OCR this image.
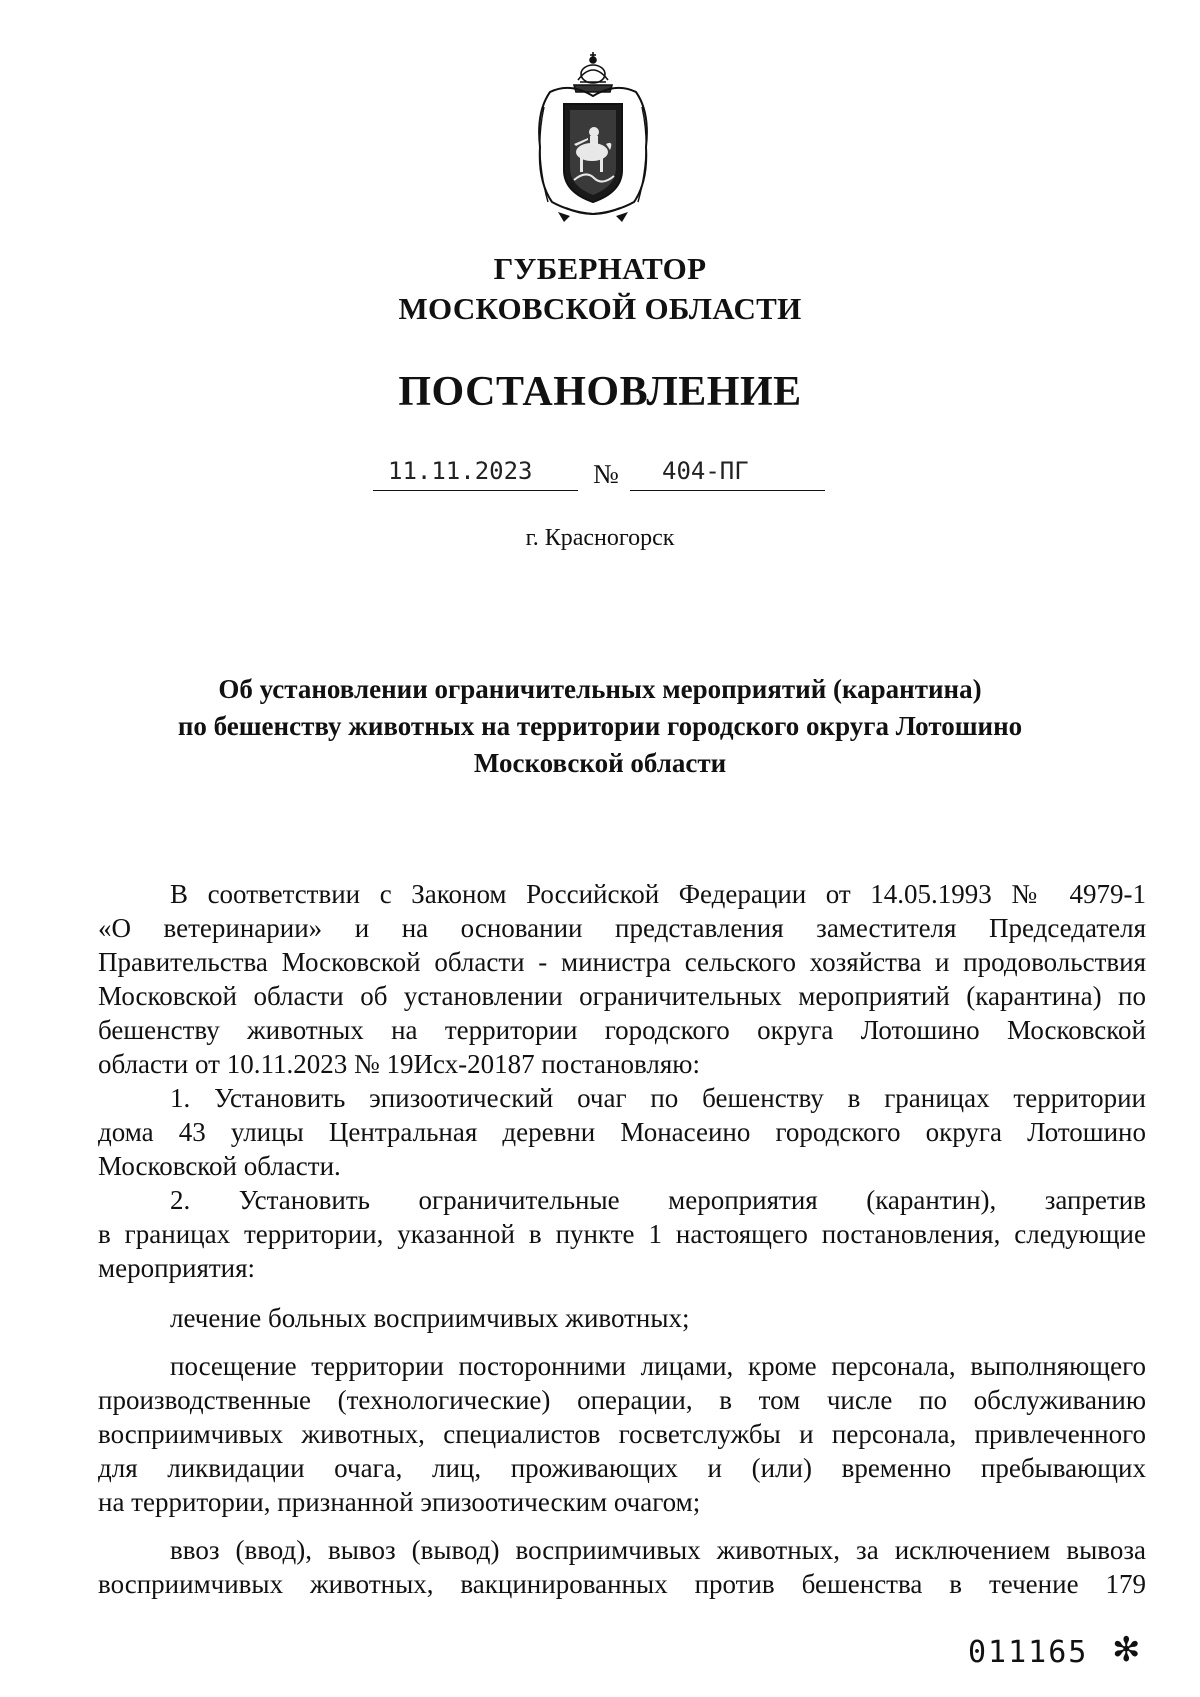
ГУБЕРНАТОР
МОСКОВСКОЙ ОБЛАСТИ
ПОСТАНОВЛЕНИЕ
11.11.2023 № 404-ПГ
г. Красногорск
Об установлении ограничительных мероприятий (карантина)
по бешенству животных на территории городского округа Лотошино
Московской области
В соответствии с Законом Российской Федерации от 14.05.1993 № 4979-1
«О ветеринарии» и на основании представления заместителя Председателя
Правительства Московской области - министра сельского хозяйства и продовольствия
Московской области об установлении ограничительных мероприятий (карантина) по
бешенству животных на территории городского округа Лотошино Московской
области от 10.11.2023 № 19Исх-20187 постановляю:
1. Установить эпизоотический очаг по бешенству в границах территории
дома 43 улицы Центральная деревни Монасеино городского округа Лотошино
Московской области.
2. Установить ограничительные мероприятия (карантин), запретив
в границах территории, указанной в пункте 1 настоящего постановления, следующие
мероприятия:
лечение больных восприимчивых животных;
посещение территории посторонними лицами, кроме персонала, выполняющего
производственные (технологические) операции, в том числе по обслуживанию
восприимчивых животных, специалистов госветслужбы и персонала, привлеченного
для ликвидации очага, лиц, проживающих и (или) временно пребывающих
на территории, признанной эпизоотическим очагом;
ввоз (ввод), вывоз (вывод) восприимчивых животных, за исключением вывоза
восприимчивых животных, вакцинированных против бешенства в течение 179
011165 ✻
